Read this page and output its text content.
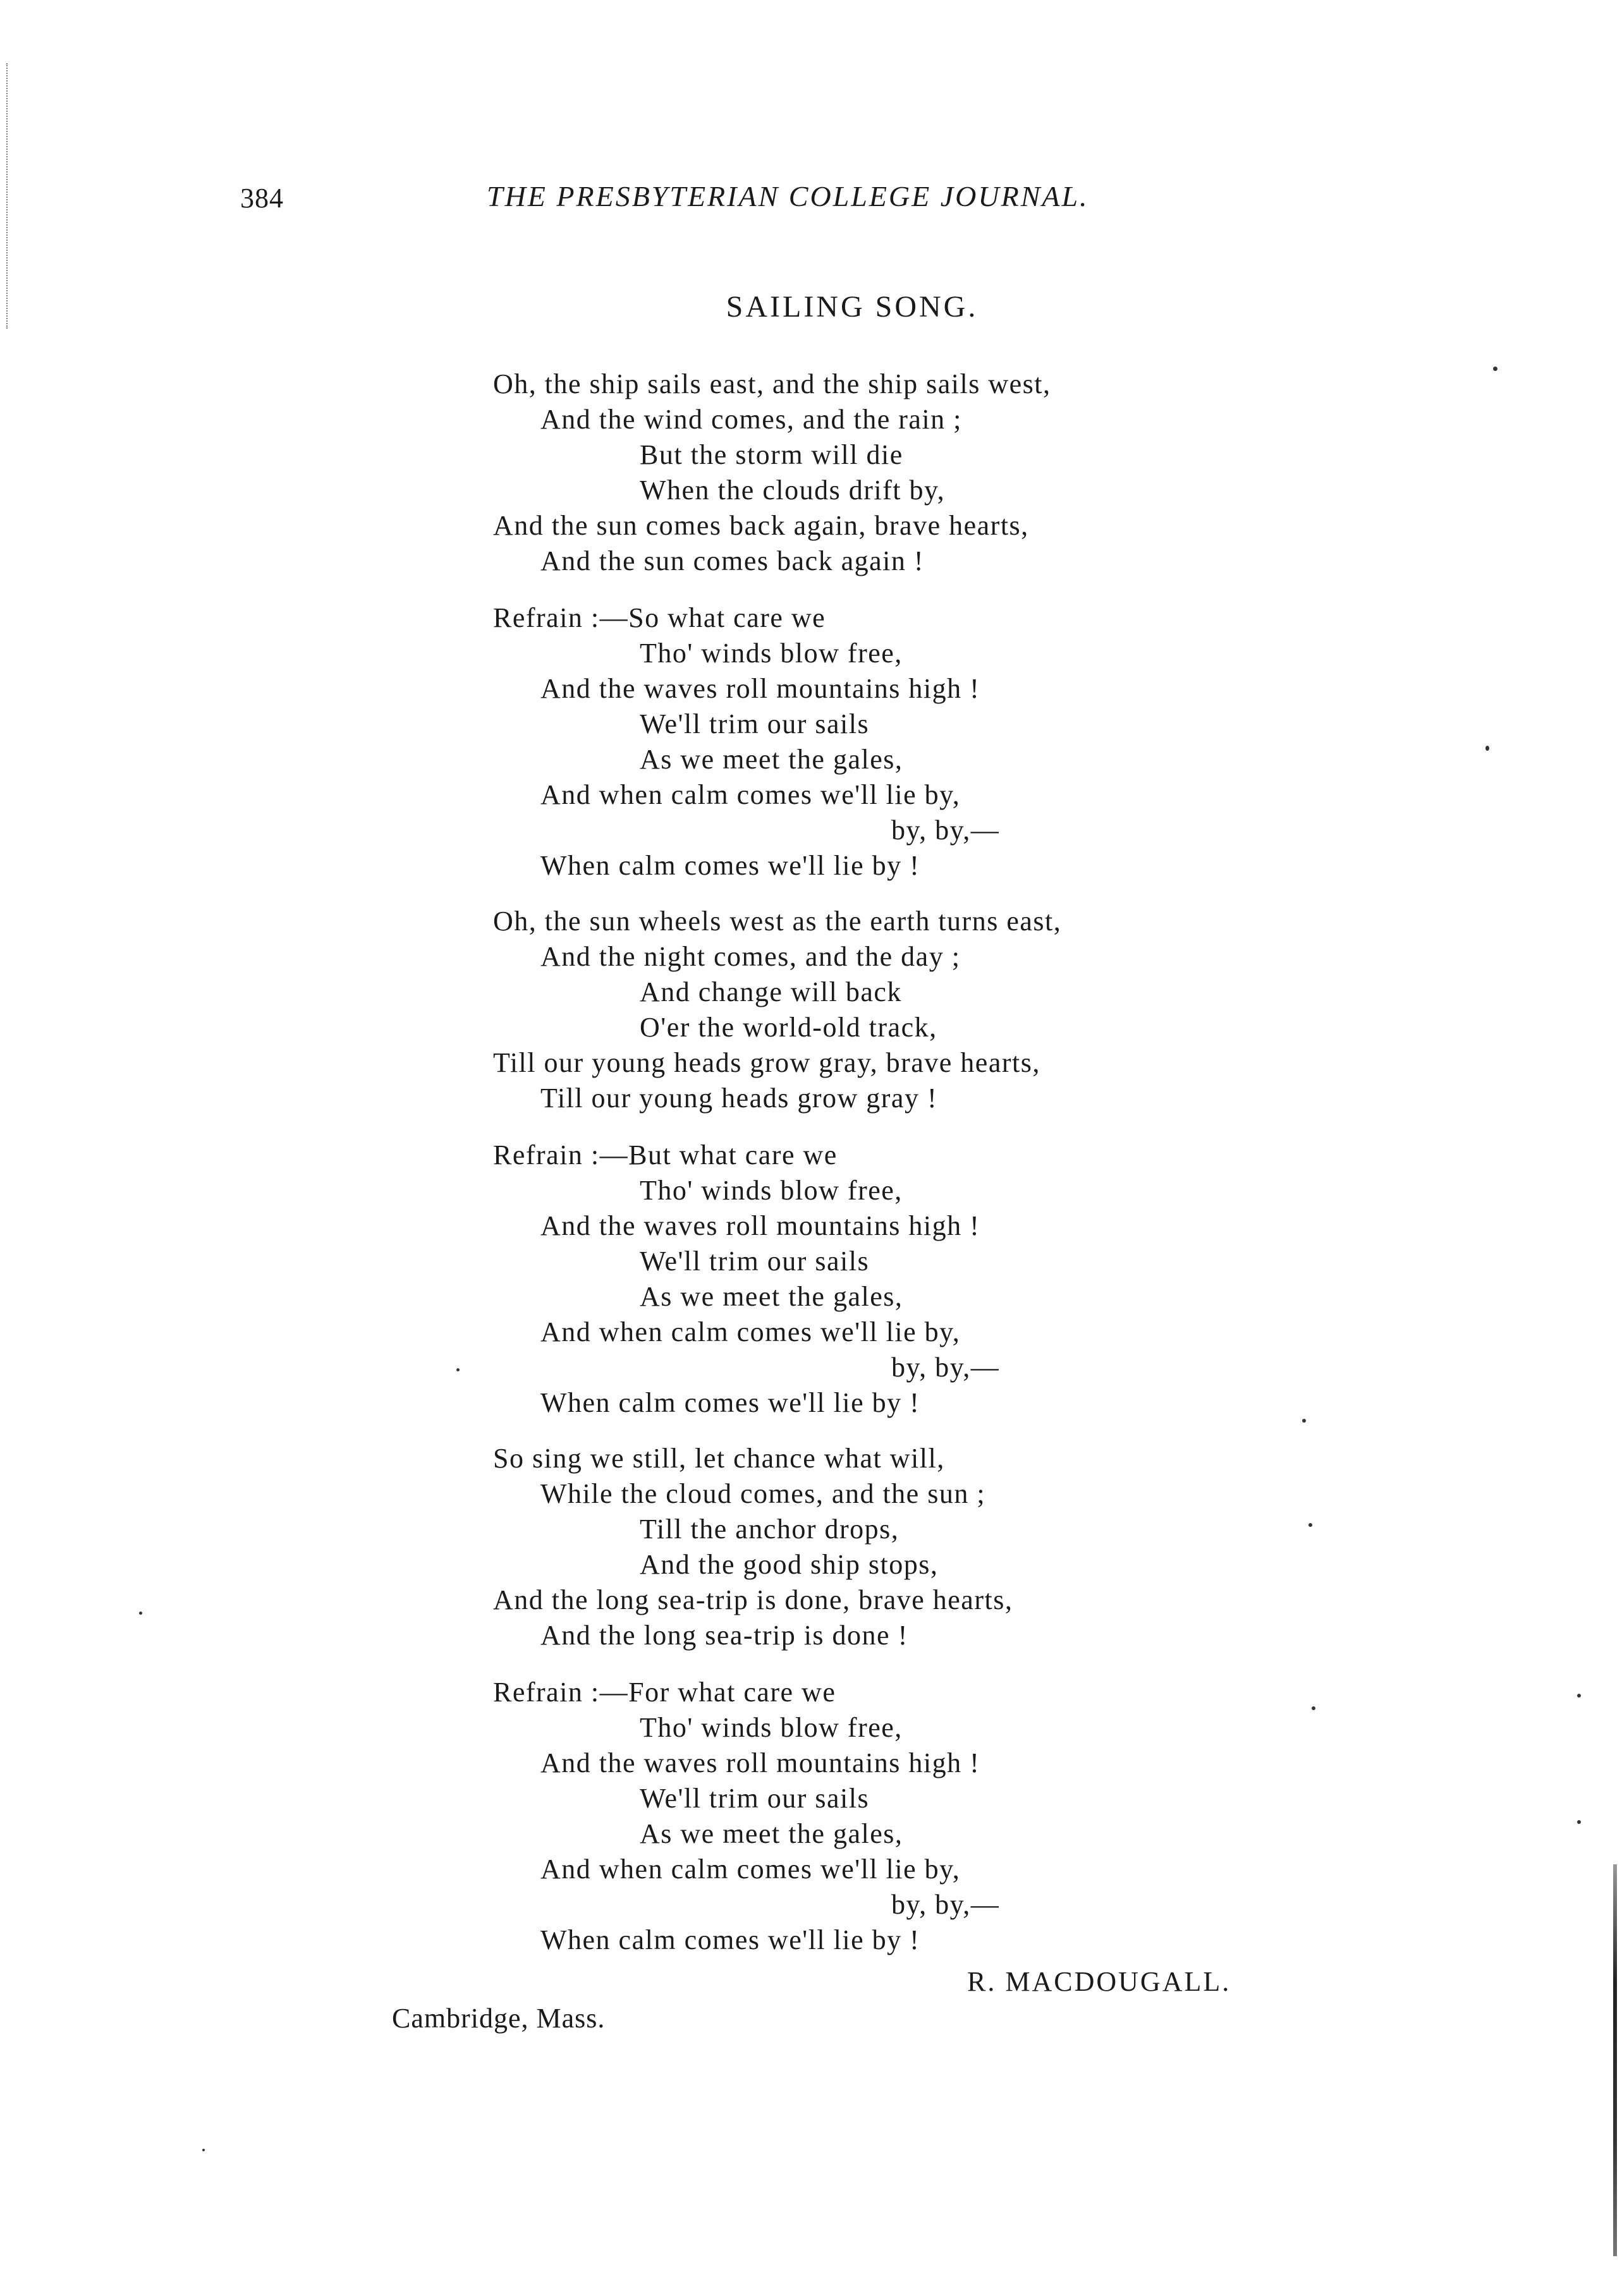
384	THE PRESBYTERIAN COLLEGE JOURNAL.
SAILING SONG.
Oh, the ship sails east, and the ship sails west,
And the wind comes, and the rain ;
But the storm will die
When the clouds drift by,
And the sun comes back again, brave hearts,
And the sun comes back again !
Refrain :—So what care we
Tho' winds blow free,
And the waves roll mountains high !
We'll trim our sails
As we meet the gales,
And when calm comes we'll lie by,
by, by,—
When calm comes we'll lie by !
Oh, the sun wheels west as the earth turns east,
And the night comes, and the day ;
And change will back
O'er the world-old track,
Till our young heads grow gray, brave hearts,
Till our young heads grow gray !
Refrain :—But what care we
Tho' winds blow free,
And the waves roll mountains high !
We'll trim our sails
As we meet the gales,
And when calm comes we'll lie by,
by, by,—
When calm comes we'll lie by !
So sing we still, let chance what will,
While the cloud comes, and the sun ;
Till the anchor drops,
And the good ship stops,
And the long sea-trip is done, brave hearts,
And the long sea-trip is done !
Refrain :—For what care we
Tho' winds blow free,
And the waves roll mountains high !
We'll trim our sails
As we meet the gales,
And when calm comes we'll lie by,
by, by,—
When calm comes we'll lie by !
R. MACDOUGALL.
Cambridge, Mass.
